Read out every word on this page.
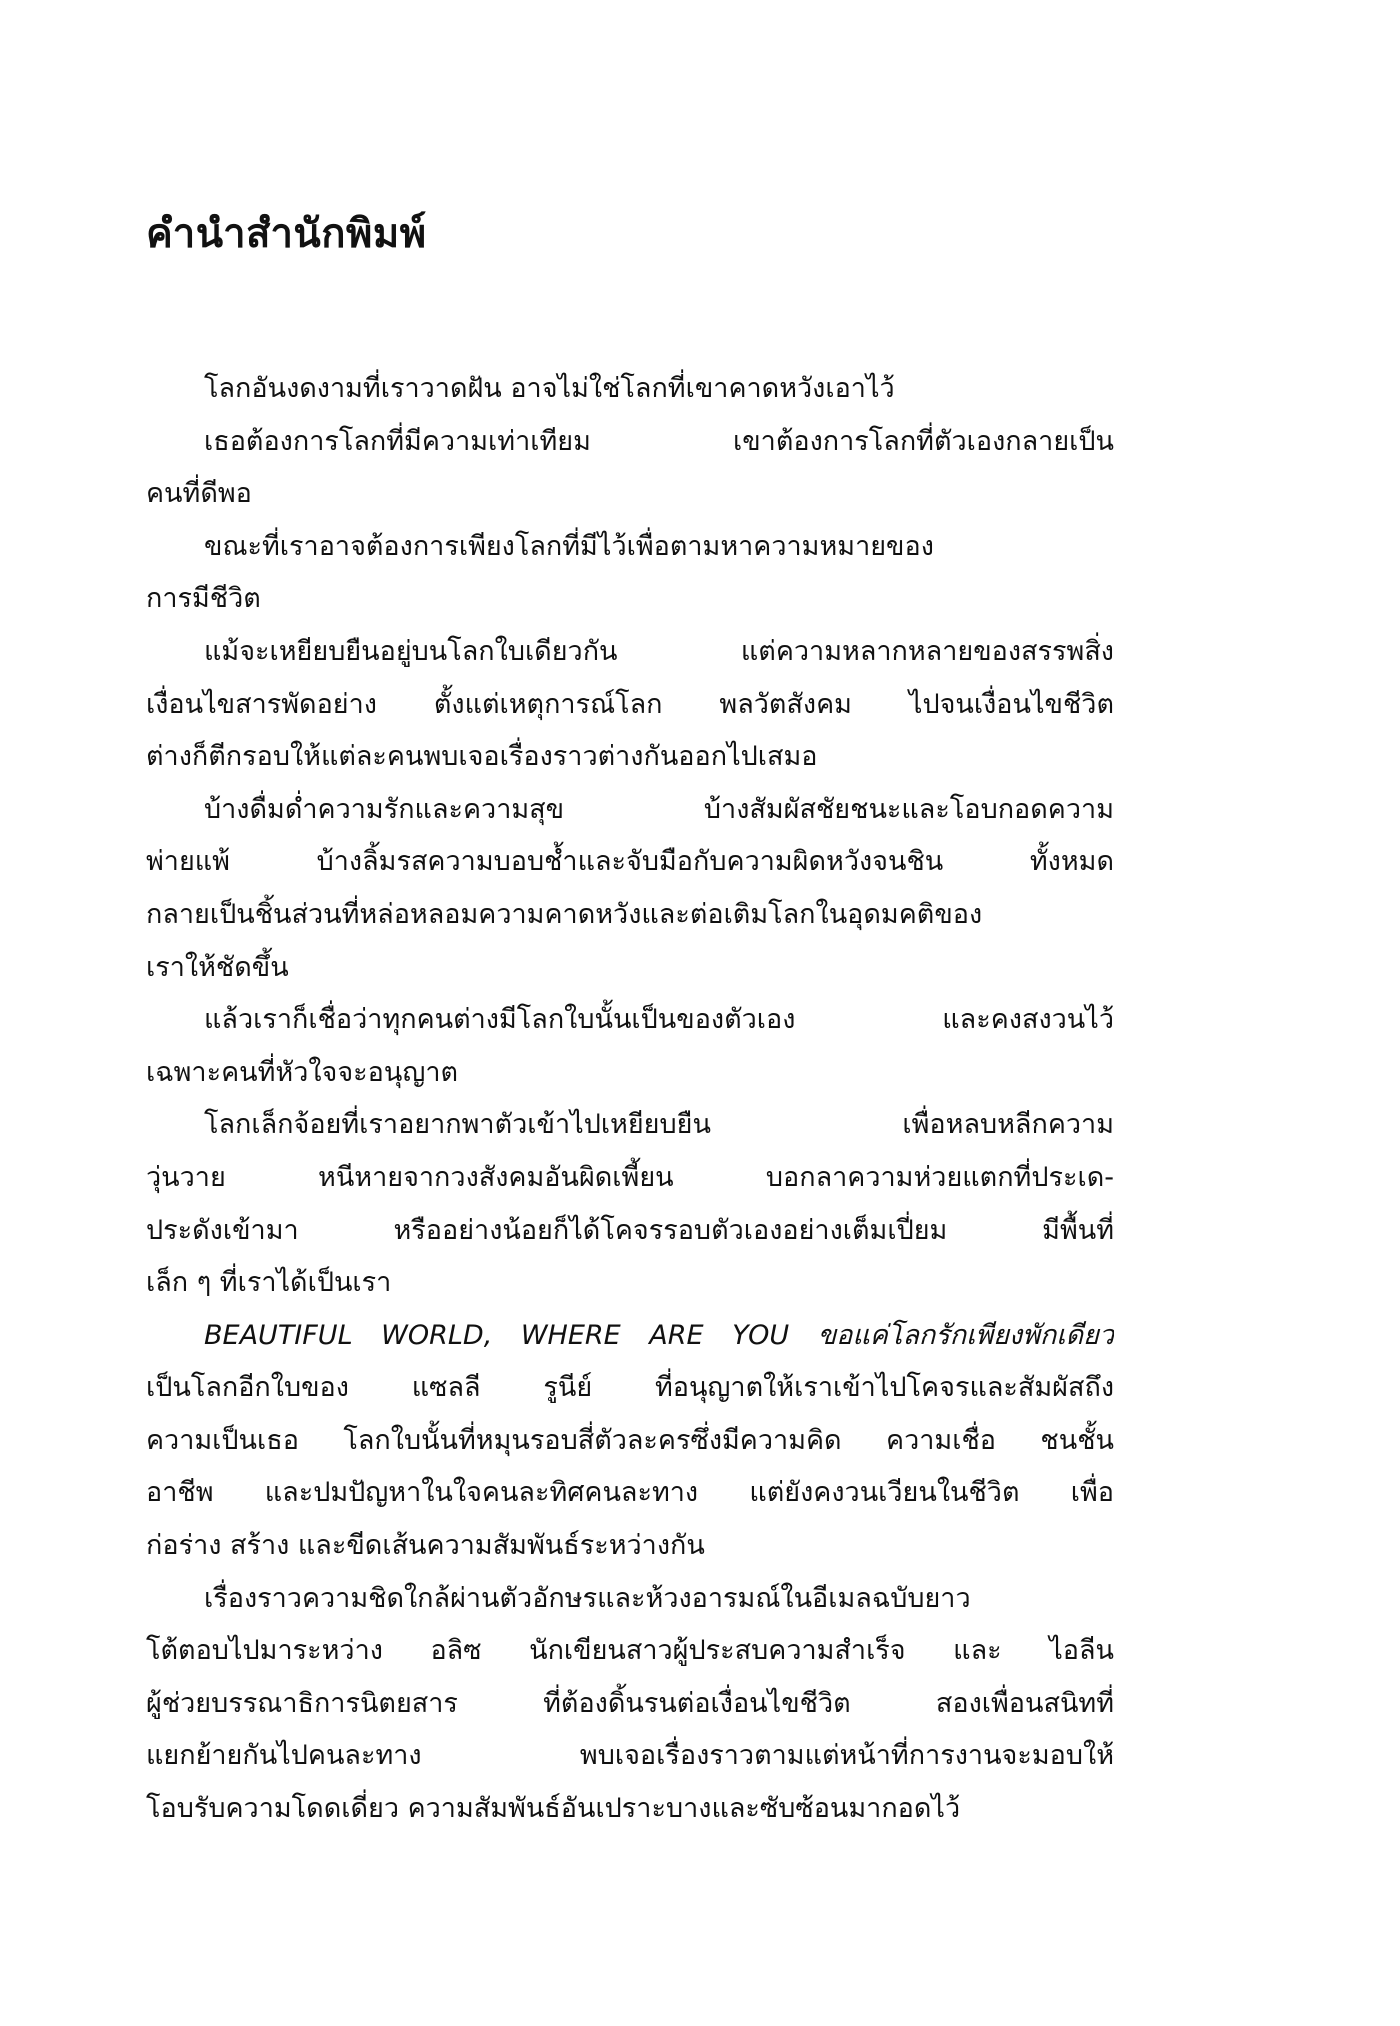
คำนำสำนักพิมพ์
โลกอันงดงามที่เราวาดฝัน อาจไม่ใช่โลกที่เขาคาดหวังเอาไว้
เธอต้องการโลกที่มีความเท่าเทียม เขาต้องการโลกที่ตัวเองกลายเป็น
คนที่ดีพอ
ขณะที่เราอาจต้องการเพียงโลกที่มีไว้เพื่อตามหาความหมายของ
การมีชีวิต
แม้จะเหยียบยืนอยู่บนโลกใบเดียวกัน แต่ความหลากหลายของสรรพสิ่ง
เงื่อนไขสารพัดอย่าง ตั้งแต่เหตุการณ์โลก พลวัตสังคม ไปจนเงื่อนไขชีวิต
ต่างก็ตีกรอบให้แต่ละคนพบเจอเรื่องราวต่างกันออกไปเสมอ
บ้างดื่มด่ำความรักและความสุข บ้างสัมผัสชัยชนะและโอบกอดความ
พ่ายแพ้ บ้างลิ้มรสความบอบช้ำและจับมือกับความผิดหวังจนชิน ทั้งหมด
กลายเป็นชิ้นส่วนที่หล่อหลอมความคาดหวังและต่อเติมโลกในอุดมคติของ
เราให้ชัดขึ้น
แล้วเราก็เชื่อว่าทุกคนต่างมีโลกใบนั้นเป็นของตัวเอง และคงสงวนไว้
เฉพาะคนที่หัวใจจะอนุญาต
โลกเล็กจ้อยที่เราอยากพาตัวเข้าไปเหยียบยืน เพื่อหลบหลีกความ
วุ่นวาย หนีหายจากวงสังคมอันผิดเพี้ยน บอกลาความห่วยแตกที่ประเด-
ประดังเข้ามา หรืออย่างน้อยก็ได้โคจรรอบตัวเองอย่างเต็มเปี่ยม มีพื้นที่
เล็ก ๆ ที่เราได้เป็นเรา
BEAUTIFUL WORLD, WHERE ARE YOU ขอแค่โลกรักเพียงพักเดียว
เป็นโลกอีกใบของ แซลลี รูนีย์ ที่อนุญาตให้เราเข้าไปโคจรและสัมผัสถึง
ความเป็นเธอ โลกใบนั้นที่หมุนรอบสี่ตัวละครซึ่งมีความคิด ความเชื่อ ชนชั้น
อาชีพ และปมปัญหาในใจคนละทิศคนละทาง แต่ยังคงวนเวียนในชีวิต เพื่อ
ก่อร่าง สร้าง และขีดเส้นความสัมพันธ์ระหว่างกัน
เรื่องราวความชิดใกล้ผ่านตัวอักษรและห้วงอารมณ์ในอีเมลฉบับยาว
โต้ตอบไปมาระหว่าง อลิซ นักเขียนสาวผู้ประสบความสำเร็จ และ ไอลีน
ผู้ช่วยบรรณาธิการนิตยสาร ที่ต้องดิ้นรนต่อเงื่อนไขชีวิต สองเพื่อนสนิทที่
แยกย้ายกันไปคนละทาง พบเจอเรื่องราวตามแต่หน้าที่การงานจะมอบให้
โอบรับความโดดเดี่ยว ความสัมพันธ์อันเปราะบางและซับซ้อนมากอดไว้
